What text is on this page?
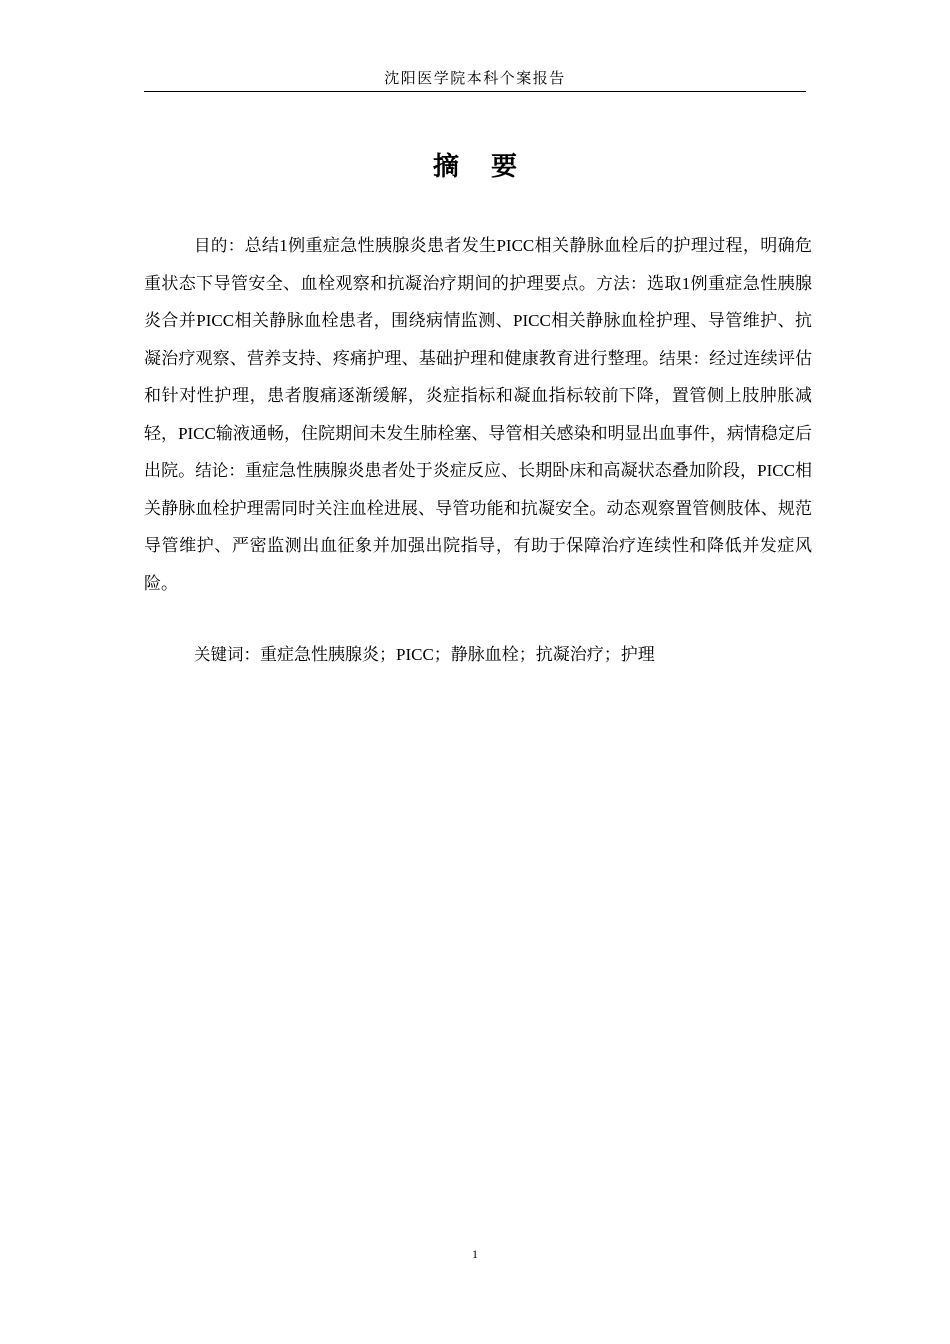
沈阳医学院本科个案报告
摘要

目的：总结1例重症急性胰腺炎患者发生PICC相关静脉血栓后的护理过程，明确危重状态下导管安全、血栓观察和抗凝治疗期间的护理要点。方法：选取1例重症急性胰腺炎合并PICC相关静脉血栓患者，围绕病情监测、PICC相关静脉血栓护理、导管维护、抗凝治疗观察、营养支持、疼痛护理、基础护理和健康教育进行整理。结果：经过连续评估和针对性护理，患者腹痛逐渐缓解，炎症指标和凝血指标较前下降，置管侧上肢肿胀减轻，PICC输液通畅，住院期间未发生肺栓塞、导管相关感染和明显出血事件，病情稳定后出院。结论：重症急性胰腺炎患者处于炎症反应、长期卧床和高凝状态叠加阶段，PICC相关静脉血栓护理需同时关注血栓进展、导管功能和抗凝安全。动态观察置管侧肢体、规范导管维护、严密监测出血征象并加强出院指导，有助于保障治疗连续性和降低并发症风险。

关键词：重症急性胰腺炎；PICC；静脉血栓；抗凝治疗；护理

1
